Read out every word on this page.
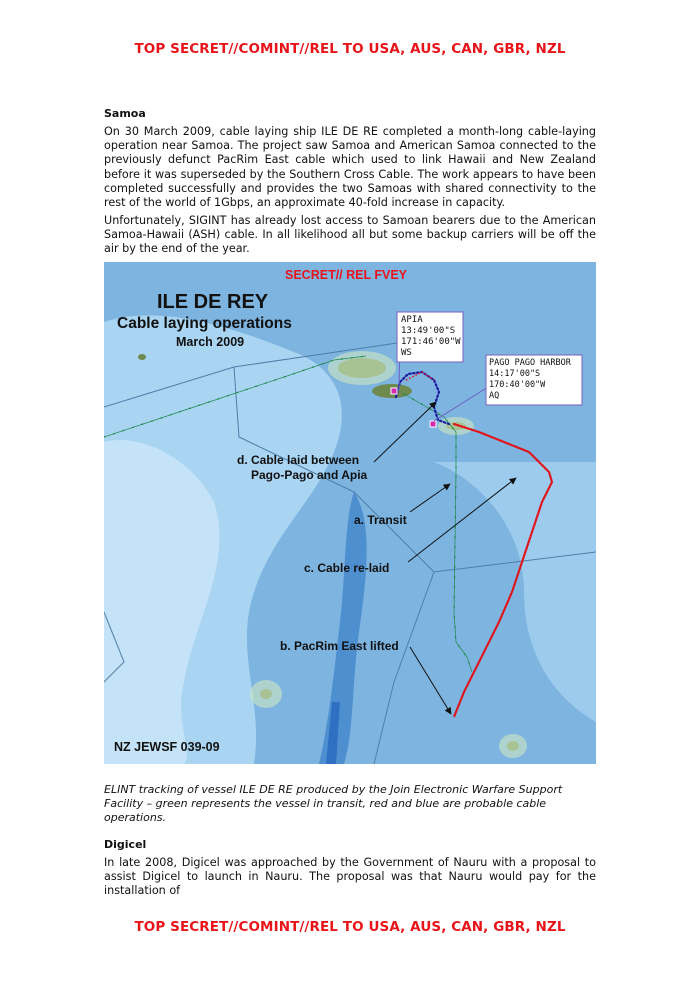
TOP SECRET//COMINT//REL TO USA, AUS, CAN, GBR, NZL
Samoa

On 30 March 2009, cable laying ship ILE DE RE completed a month-long cable-laying operation near Samoa. The project saw Samoa and American Samoa connected to the previously defunct PacRim East cable which used to link Hawaii and New Zealand before it was superseded by the Southern Cross Cable. The work appears to have been completed successfully and provides the two Samoas with shared connectivity to the rest of the world of 1Gbps, an approximate 40-fold increase in capacity.

Unfortunately, SIGINT has already lost access to Samoan bearers due to the American Samoa-Hawaii (ASH) cable. In all likelihood all but some backup carriers will be off the air by the end of the year.

APIA
13:49'00"S
171:46'00"W
WS
PAGO PAGO HARBOR
14:17'00"S
170:40'00"W
AQ
SECRET// REL FVEY
ILE DE REY
Cable laying operations
March 2009
d. Cable laid between
Pago-Pago and Apia
a. Transit
c. Cable re-laid
b. PacRim East lifted
NZ JEWSF 039-09

ELINT tracking of vessel ILE DE RE produced by the Join Electronic Warfare Support Facility – green represents the vessel in transit, red and blue are probable cable operations.

Digicel

In late 2008, Digicel was approached by the Government of Nauru with a proposal to assist Digicel to launch in Nauru. The proposal was that Nauru would pay for the installation of

TOP SECRET//COMINT//REL TO USA, AUS, CAN, GBR, NZL
